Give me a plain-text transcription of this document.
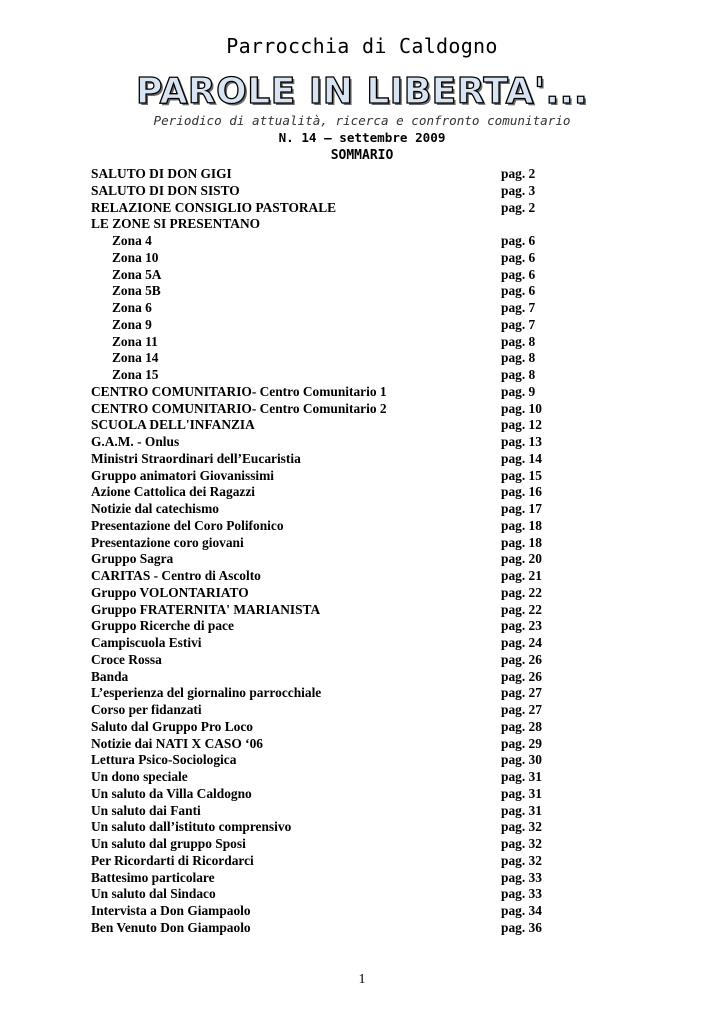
Parrocchia di Caldogno
PAROLE IN LIBERTA'...
Periodico di attualità, ricerca e confronto comunitario
N. 14 – settembre 2009
SOMMARIO
SALUTO DI DON GIGI	pag. 2
SALUTO DI DON SISTO	pag. 3
RELAZIONE CONSIGLIO PASTORALE	pag. 2
LE ZONE SI PRESENTANO
Zona 4	pag. 6
Zona 10	pag. 6
Zona 5A	pag. 6
Zona 5B	pag. 6
Zona 6	pag. 7
Zona 9	pag. 7
Zona 11	pag. 8
Zona 14	pag. 8
Zona 15	pag. 8
CENTRO COMUNITARIO- Centro Comunitario 1	pag. 9
CENTRO COMUNITARIO- Centro Comunitario 2	pag. 10
SCUOLA DELL'INFANZIA	pag. 12
G.A.M. - Onlus	pag. 13
Ministri Straordinari dell’Eucaristia	pag. 14
Gruppo animatori Giovanissimi	pag. 15
Azione Cattolica dei Ragazzi	pag. 16
Notizie dal catechismo	pag. 17
Presentazione del Coro Polifonico	pag. 18
Presentazione coro giovani	pag. 18
Gruppo Sagra	pag. 20
CARITAS - Centro di Ascolto	pag. 21
Gruppo VOLONTARIATO	pag. 22
Gruppo FRATERNITA' MARIANISTA	pag. 22
Gruppo Ricerche di pace	pag. 23
Campiscuola Estivi	pag. 24
Croce Rossa	pag. 26
Banda	pag. 26
L’esperienza del giornalino parrocchiale	pag. 27
Corso per fidanzati	pag. 27
Saluto dal Gruppo Pro Loco	pag. 28
Notizie dai NATI X CASO ‘06	pag. 29
Lettura Psico-Sociologica	pag. 30
Un dono speciale	pag. 31
Un saluto da Villa Caldogno	pag. 31
Un saluto dai Fanti	pag. 31
Un saluto dall’istituto comprensivo	pag. 32
Un saluto dal gruppo Sposi	pag. 32
Per Ricordarti di Ricordarci	pag. 32
Battesimo particolare	pag. 33
Un saluto dal Sindaco	pag. 33
Intervista a Don Giampaolo	pag. 34
Ben Venuto Don Giampaolo	pag. 36
1
